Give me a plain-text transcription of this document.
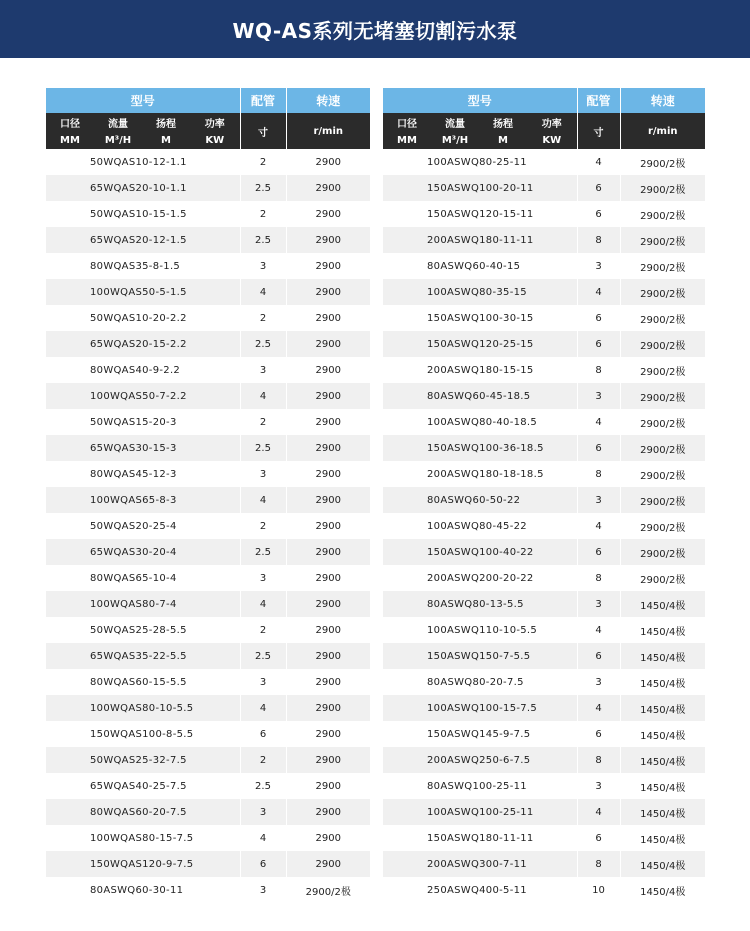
WQ-AS系列无堵塞切割污水泵
型号				配管	转速
口径	流量	扬程	功率	寸	r/min
MM	M³/H	M	KW		
50WQAS10-12-1.1				2	2900
65WQAS20-10-1.1				2.5	2900
50WQAS10-15-1.5				2	2900
65WQAS20-12-1.5				2.5	2900
80WQAS35-8-1.5				3	2900
100WQAS50-5-1.5				4	2900
50WQAS10-20-2.2				2	2900
65WQAS20-15-2.2				2.5	2900
80WQAS40-9-2.2				3	2900
100WQAS50-7-2.2				4	2900
50WQAS15-20-3				2	2900
65WQAS30-15-3				2.5	2900
80WQAS45-12-3				3	2900
100WQAS65-8-3				4	2900
50WQAS20-25-4				2	2900
65WQAS30-20-4				2.5	2900
80WQAS65-10-4				3	2900
100WQAS80-7-4				4	2900
50WQAS25-28-5.5				2	2900
65WQAS35-22-5.5				2.5	2900
80WQAS60-15-5.5				3	2900
100WQAS80-10-5.5				4	2900
150WQAS100-8-5.5				6	2900
50WQAS25-32-7.5				2	2900
65WQAS40-25-7.5				2.5	2900
80WQAS60-20-7.5				3	2900
100WQAS80-15-7.5				4	2900
150WQAS120-9-7.5				6	2900
80ASWQ60-30-11				3	2900/2极
型号				配管	转速
口径	流量	扬程	功率	寸	r/min
MM	M³/H	M	KW		
100ASWQ80-25-11				4	2900/2极
150ASWQ100-20-11				6	2900/2极
150ASWQ120-15-11				6	2900/2极
200ASWQ180-11-11				8	2900/2极
80ASWQ60-40-15				3	2900/2极
100ASWQ80-35-15				4	2900/2极
150ASWQ100-30-15				6	2900/2极
150ASWQ120-25-15				6	2900/2极
200ASWQ180-15-15				8	2900/2极
80ASWQ60-45-18.5				3	2900/2极
100ASWQ80-40-18.5				4	2900/2极
150ASWQ100-36-18.5				6	2900/2极
200ASWQ180-18-18.5				8	2900/2极
80ASWQ60-50-22				3	2900/2极
100ASWQ80-45-22				4	2900/2极
150ASWQ100-40-22				6	2900/2极
200ASWQ200-20-22				8	2900/2极
80ASWQ80-13-5.5				3	1450/4极
100ASWQ110-10-5.5				4	1450/4极
150ASWQ150-7-5.5				6	1450/4极
80ASWQ80-20-7.5				3	1450/4极
100ASWQ100-15-7.5				4	1450/4极
150ASWQ145-9-7.5				6	1450/4极
200ASWQ250-6-7.5				8	1450/4极
80ASWQ100-25-11				3	1450/4极
100ASWQ100-25-11				4	1450/4极
150ASWQ180-11-11				6	1450/4极
200ASWQ300-7-11				8	1450/4极
250ASWQ400-5-11				10	1450/4极
